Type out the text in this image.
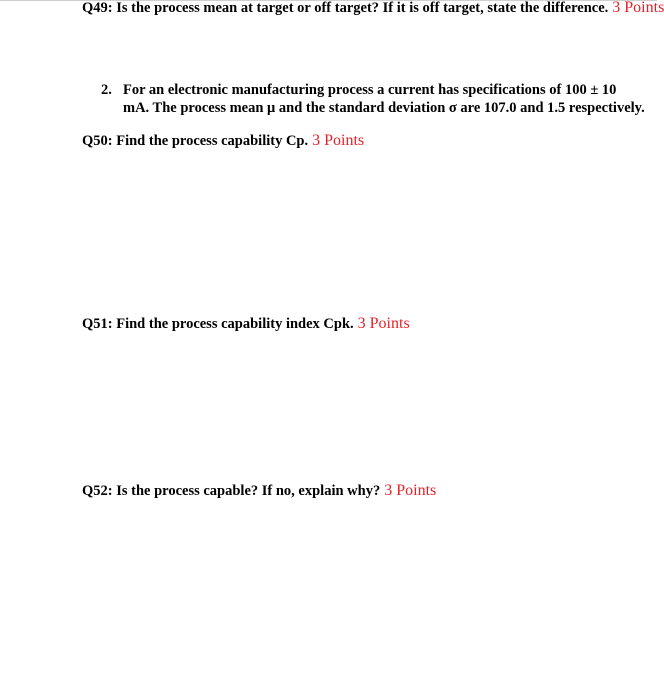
Q49: Is the process mean at target or off target? If it is off target, state the difference. 3 Points
2. For an electronic manufacturing process a current has specifications of 100 ± 10 mA. The process mean μ and the standard deviation σ are 107.0 and 1.5 respectively.
Q50: Find the process capability Cp. 3 Points
Q51: Find the process capability index Cpk. 3 Points
Q52: Is the process capable? If no, explain why? 3 Points
